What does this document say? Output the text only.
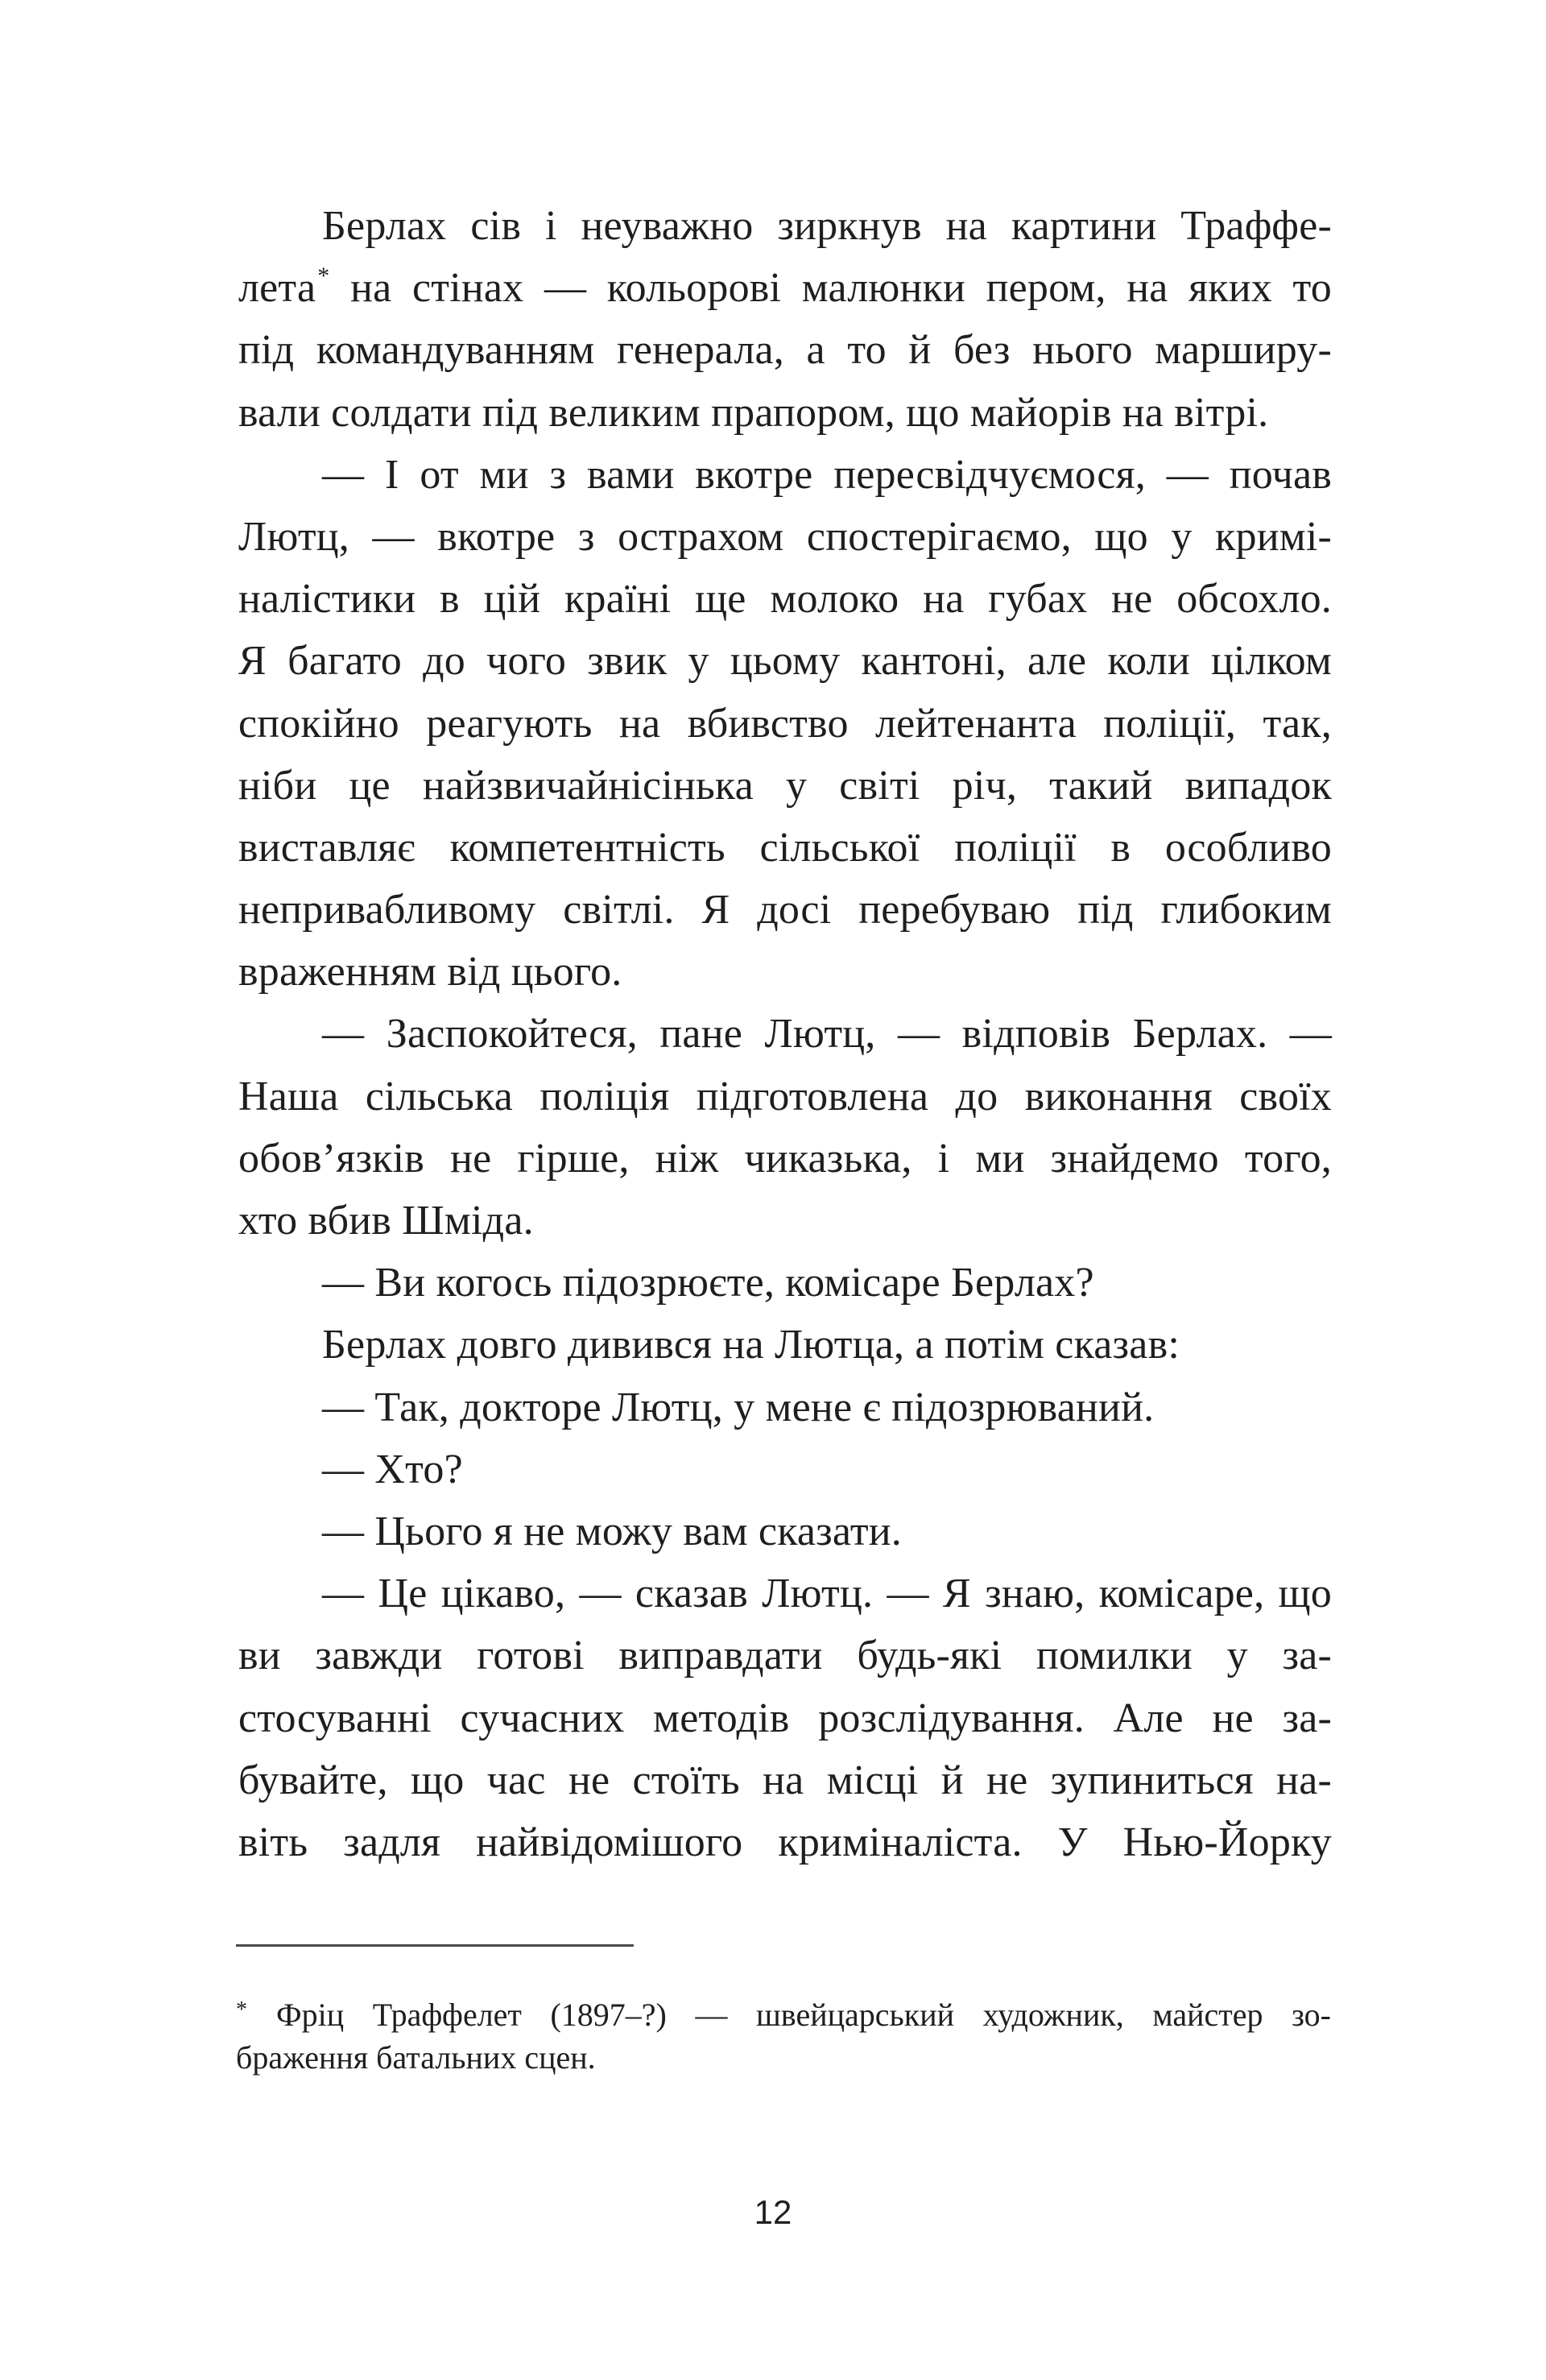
Берлах сів і неуважно зиркнув на картини Траффе-
лета* на стінах — кольорові малюнки пером, на яких то
під командуванням генерала, а то й без нього марширу-
вали солдати під великим прапором, що майорів на вітрі.
— І от ми з вами вкотре пересвідчуємося, — почав
Лютц, — вкотре з острахом спостерігаємо, що у кримі-
налістики в цій країні ще молоко на губах не обсохло.
Я багато до чого звик у цьому кантоні, але коли цілком
спокійно реагують на вбивство лейтенанта поліції, так,
ніби це найзвичайнісінька у світі річ, такий випадок
виставляє компетентність сільської поліції в особливо
непривабливому світлі. Я досі перебуваю під глибоким
враженням від цього.
— Заспокойтеся, пане Лютц, — відповів Берлах. —
Наша сільська поліція підготовлена до виконання своїх
обов’язків не гірше, ніж чиказька, і ми знайдемо того,
хто вбив Шміда.
— Ви когось підозрюєте, комісаре Берлах?
Берлах довго дивився на Лютца, а потім сказав:
— Так, докторе Лютц, у мене є підозрюваний.
— Хто?
— Цього я не можу вам сказати.
— Це цікаво, — сказав Лютц. — Я знаю, комісаре, що
ви завжди готові виправдати будь-які помилки у за-
стосуванні сучасних методів розслідування. Але не за-
бувайте, що час не стоїть на місці й не зупиниться на-
віть задля найвідомішого криміналіста. У Нью-Йорку
* Фріц Траффелет (1897–?) — швейцарський художник, майстер зо-
браження батальних сцен.
12
